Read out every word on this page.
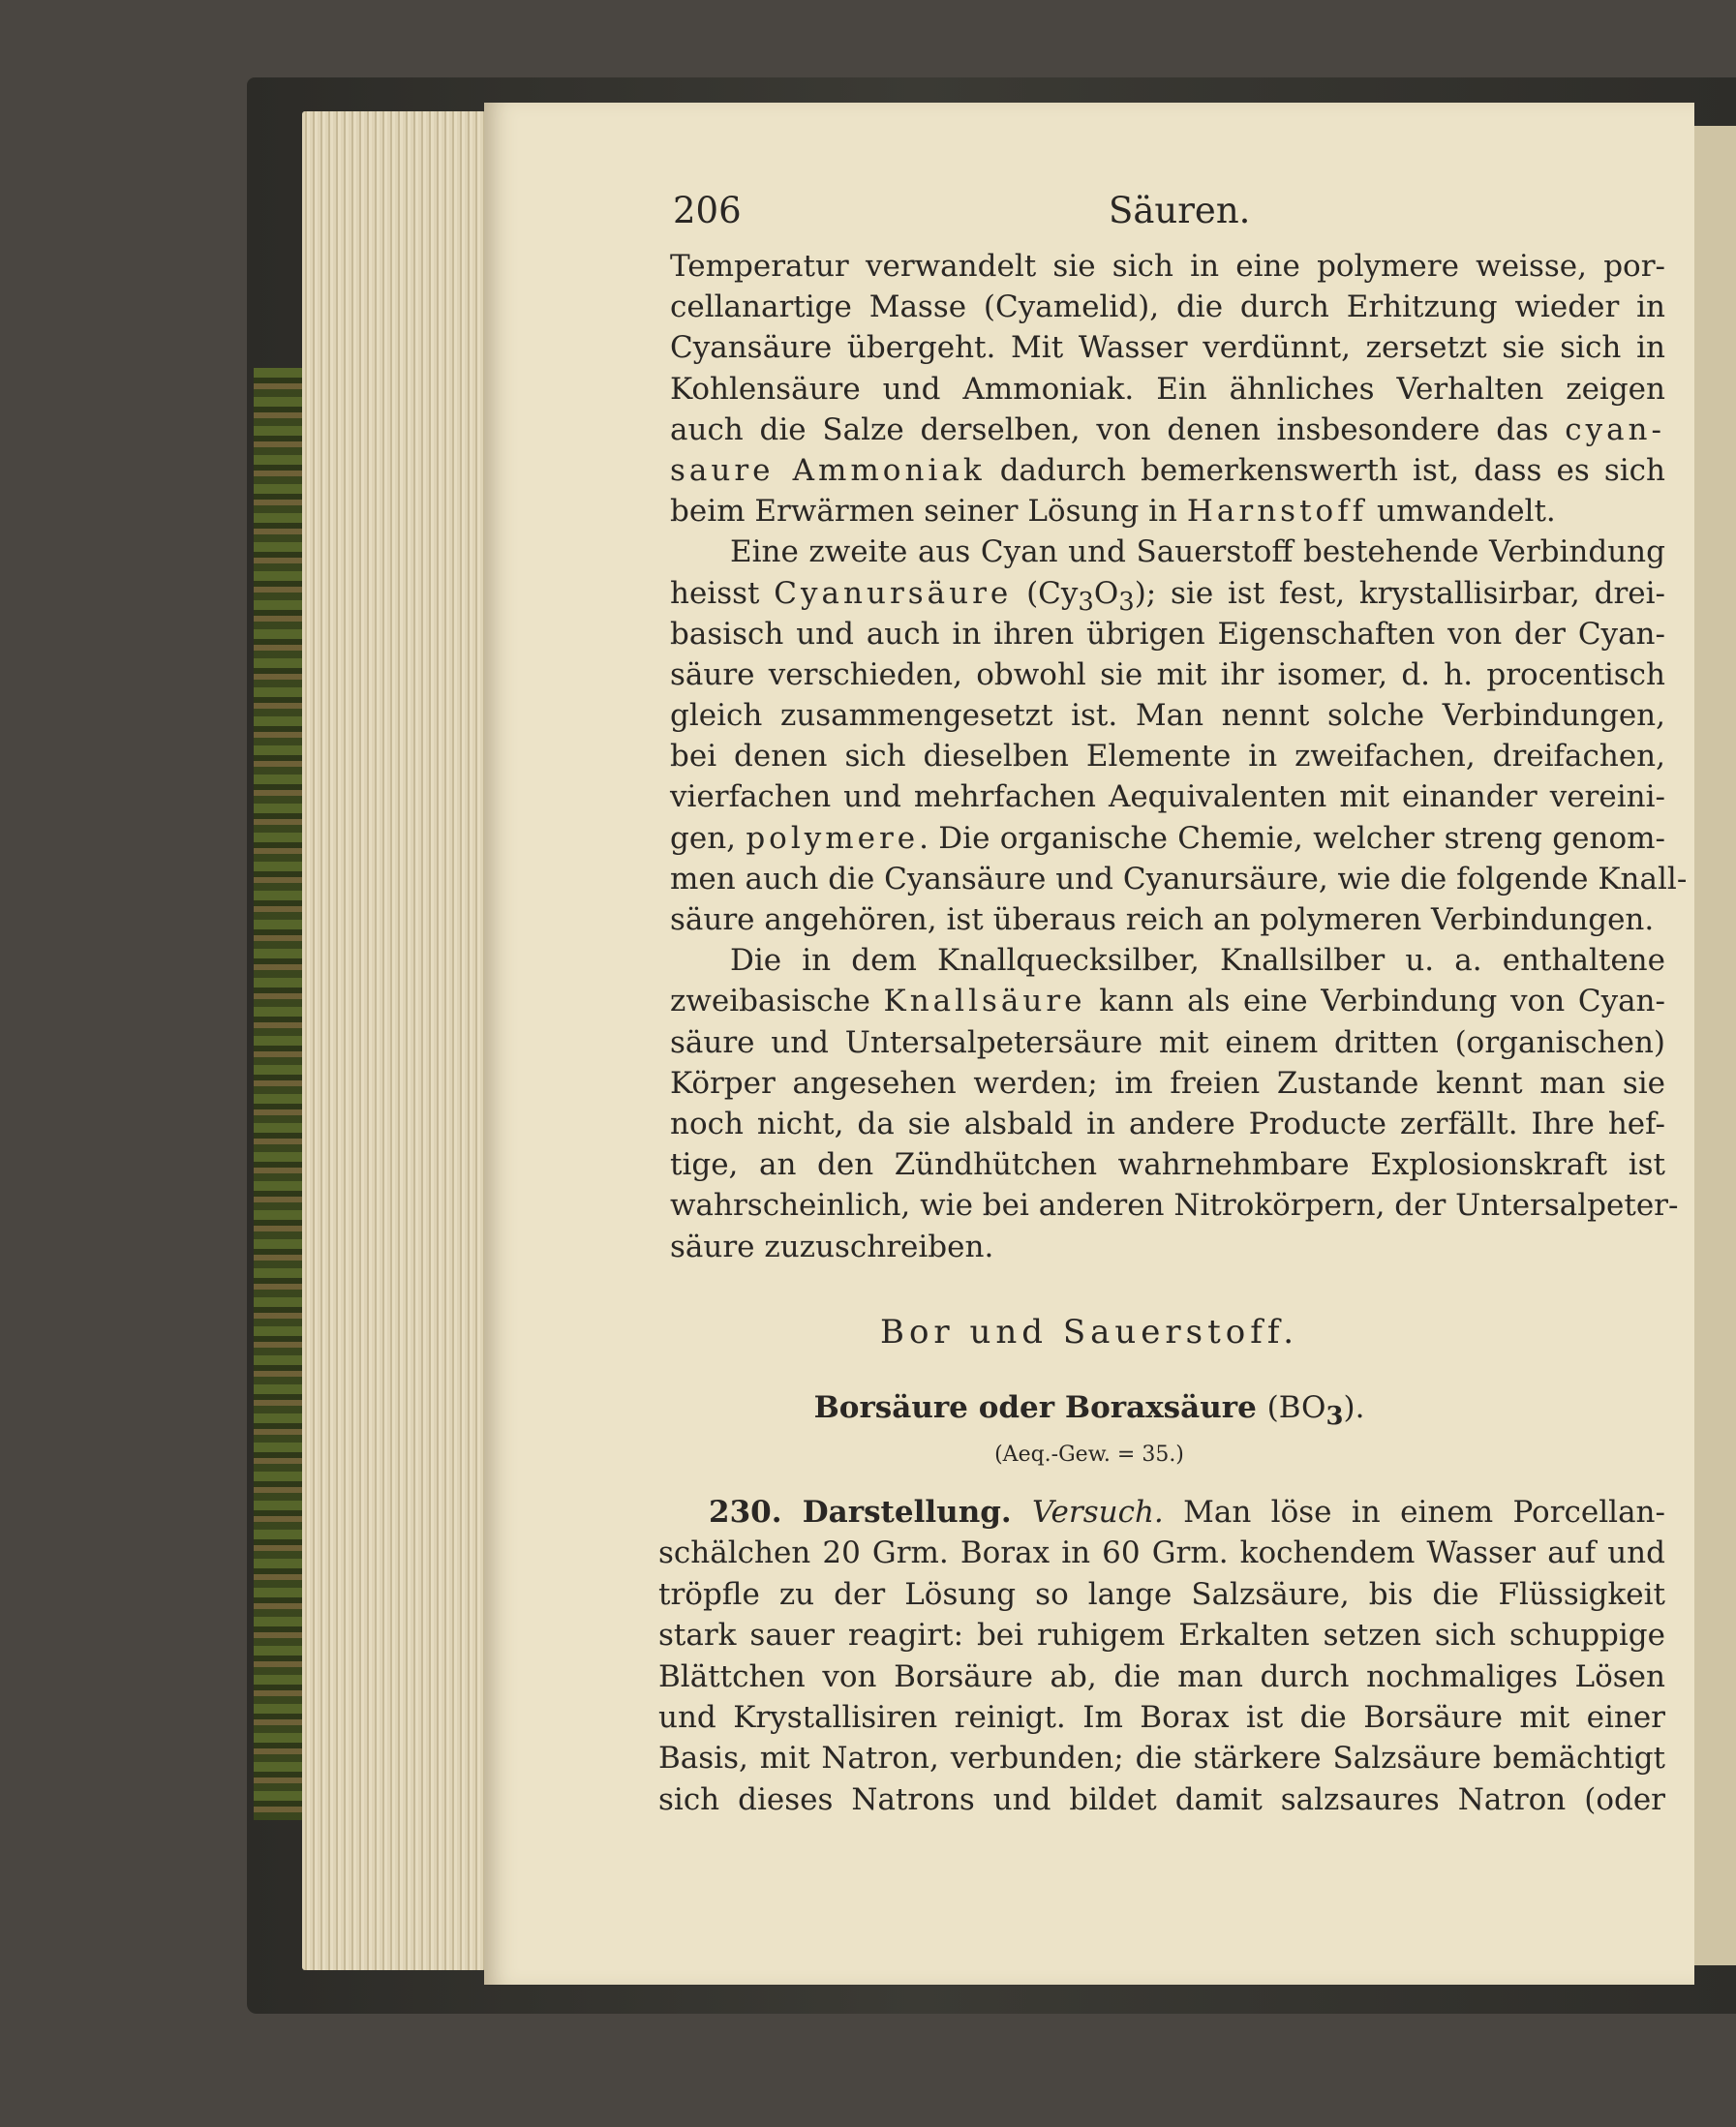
206	Säuren.
Temperatur verwandelt sie sich in eine polymere weisse, por-
cellanartige Masse (Cyamelid), die durch Erhitzung wieder in
Cyansäure übergeht. Mit Wasser verdünnt, zersetzt sie sich in
Kohlensäure und Ammoniak. Ein ähnliches Verhalten zeigen
auch die Salze derselben, von denen insbesondere das cyan-
saure Ammoniak dadurch bemerkenswerth ist, dass es sich
beim Erwärmen seiner Lösung in Harnstoff umwandelt.
Eine zweite aus Cyan und Sauerstoff bestehende Verbindung
heisst Cyanursäure $(Cy_3O_3)$; sie ist fest, krystallisirbar, drei-
basisch und auch in ihren übrigen Eigenschaften von der Cyan-
säure verschieden, obwohl sie mit ihr isomer, d. h. procentisch
gleich zusammengesetzt ist. Man nennt solche Verbindungen,
bei denen sich dieselben Elemente in zweifachen, dreifachen,
vierfachen und mehrfachen Aequivalenten mit einander vereini-
gen, polymere. Die organische Chemie, welcher streng genom-
men auch die Cyansäure und Cyanursäure, wie die folgende Knall-
säure angehören, ist überaus reich an polymeren Verbindungen.
Die in dem Knallquecksilber, Knallsilber u. a. enthaltene
zweibasische Knallsäure kann als eine Verbindung von Cyan-
säure und Untersalpetersäure mit einem dritten (organischen)
Körper angesehen werden; im freien Zustande kennt man sie
noch nicht, da sie alsbald in andere Producte zerfällt. Ihre hef-
tige, an den Zündhütchen wahrnehmbare Explosionskraft ist
wahrscheinlich, wie bei anderen Nitrokörpern, der Untersalpeter-
säure zuzuschreiben.
Bor und Sauerstoff.
Borsäure oder Boraxsäure $(BO_3)$.
(Aeq.-Gew. = 35.)
230. Darstellung. Versuch. Man löse in einem Porcellan-
schälchen 20 Grm. Borax in 60 Grm. kochendem Wasser auf und
tröpfle zu der Lösung so lange Salzsäure, bis die Flüssigkeit
stark sauer reagirt: bei ruhigem Erkalten setzen sich schuppige
Blättchen von Borsäure ab, die man durch nochmaliges Lösen
und Krystallisiren reinigt. Im Borax ist die Borsäure mit einer
Basis, mit Natron, verbunden; die stärkere Salzsäure bemächtigt
sich dieses Natrons und bildet damit salzsaures Natron (oder
